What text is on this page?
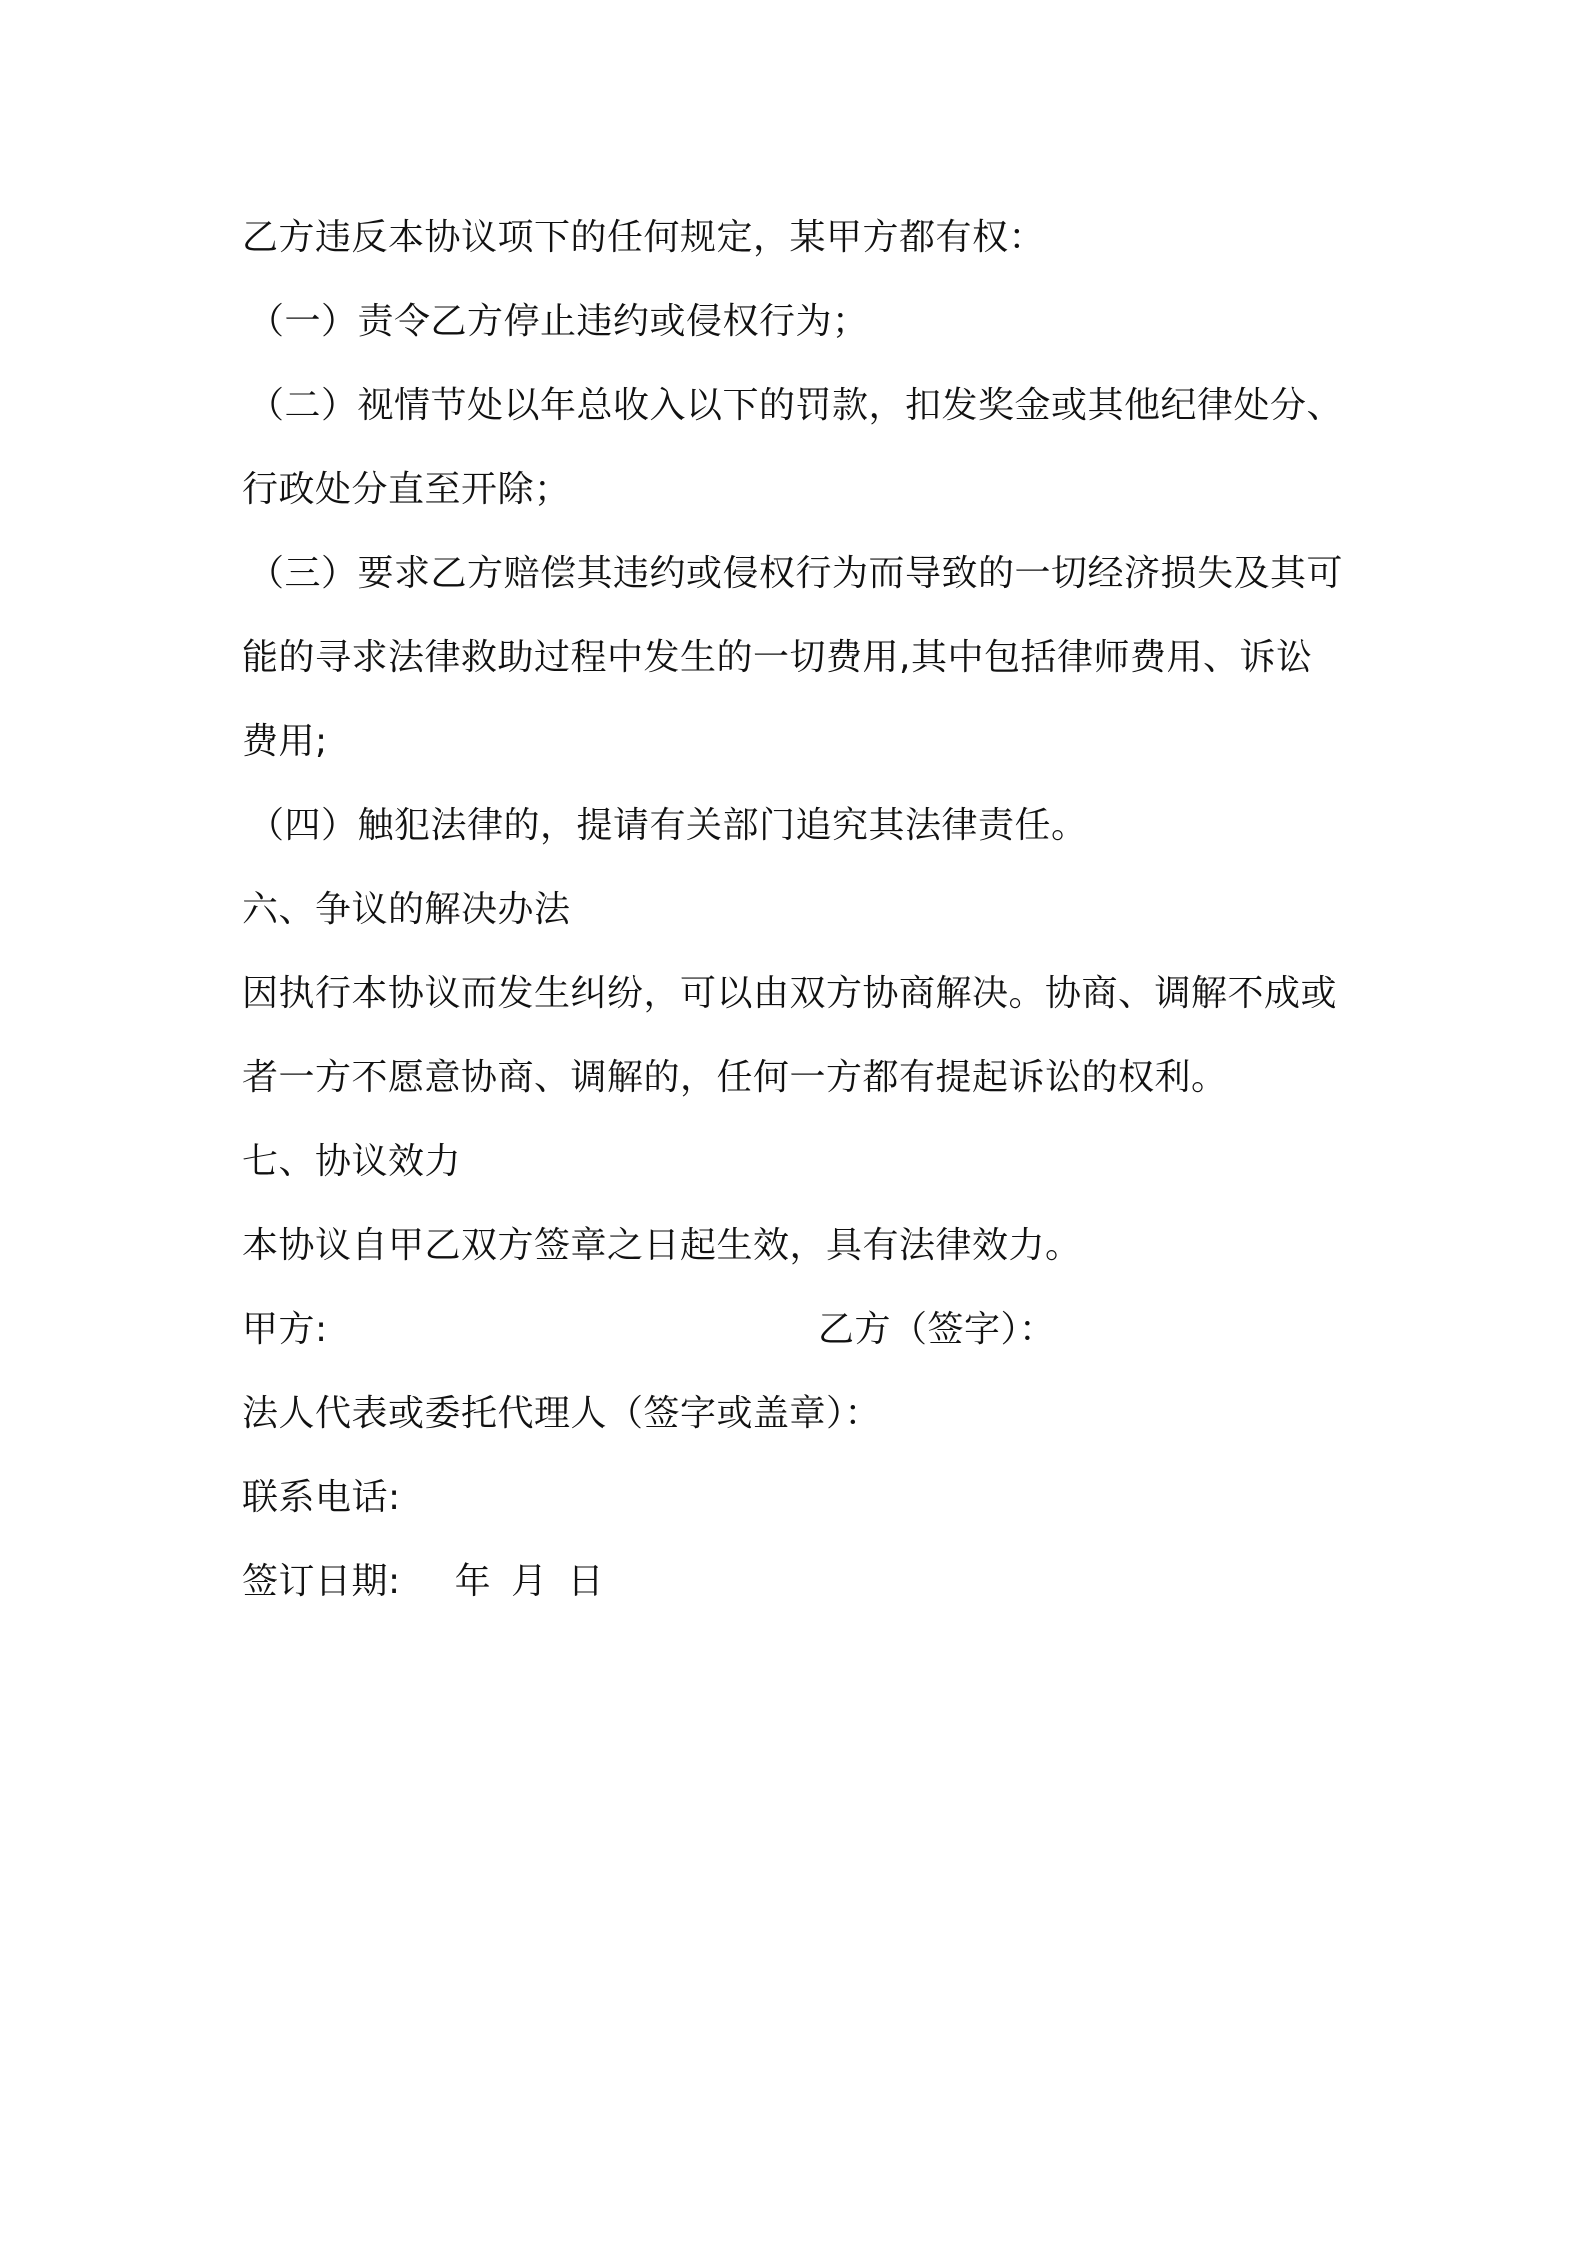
乙方违反本协议项下的任何规定，某甲方都有权：
（一）责令乙方停止违约或侵权行为；
（二）视情节处以年总收入以下的罚款，扣发奖金或其他纪律处分、
行政处分直至开除；
（三）要求乙方赔偿其违约或侵权行为而导致的一切经济损失及其可
能的寻求法律救助过程中发生的一切费用,其中包括律师费用、诉讼
费用;
（四）触犯法律的，提请有关部门追究其法律责任。
六、争议的解决办法
因执行本协议而发生纠纷，可以由双方协商解决。协商、调解不成或
者一方不愿意协商、调解的，任何一方都有提起诉讼的权利。
七、协议效力
本协议自甲乙双方签章之日起生效，具有法律效力。
甲方:	乙方（签字）：
法人代表或委托代理人（签字或盖章）：
联系电话:
签订日期: 年 月 日
